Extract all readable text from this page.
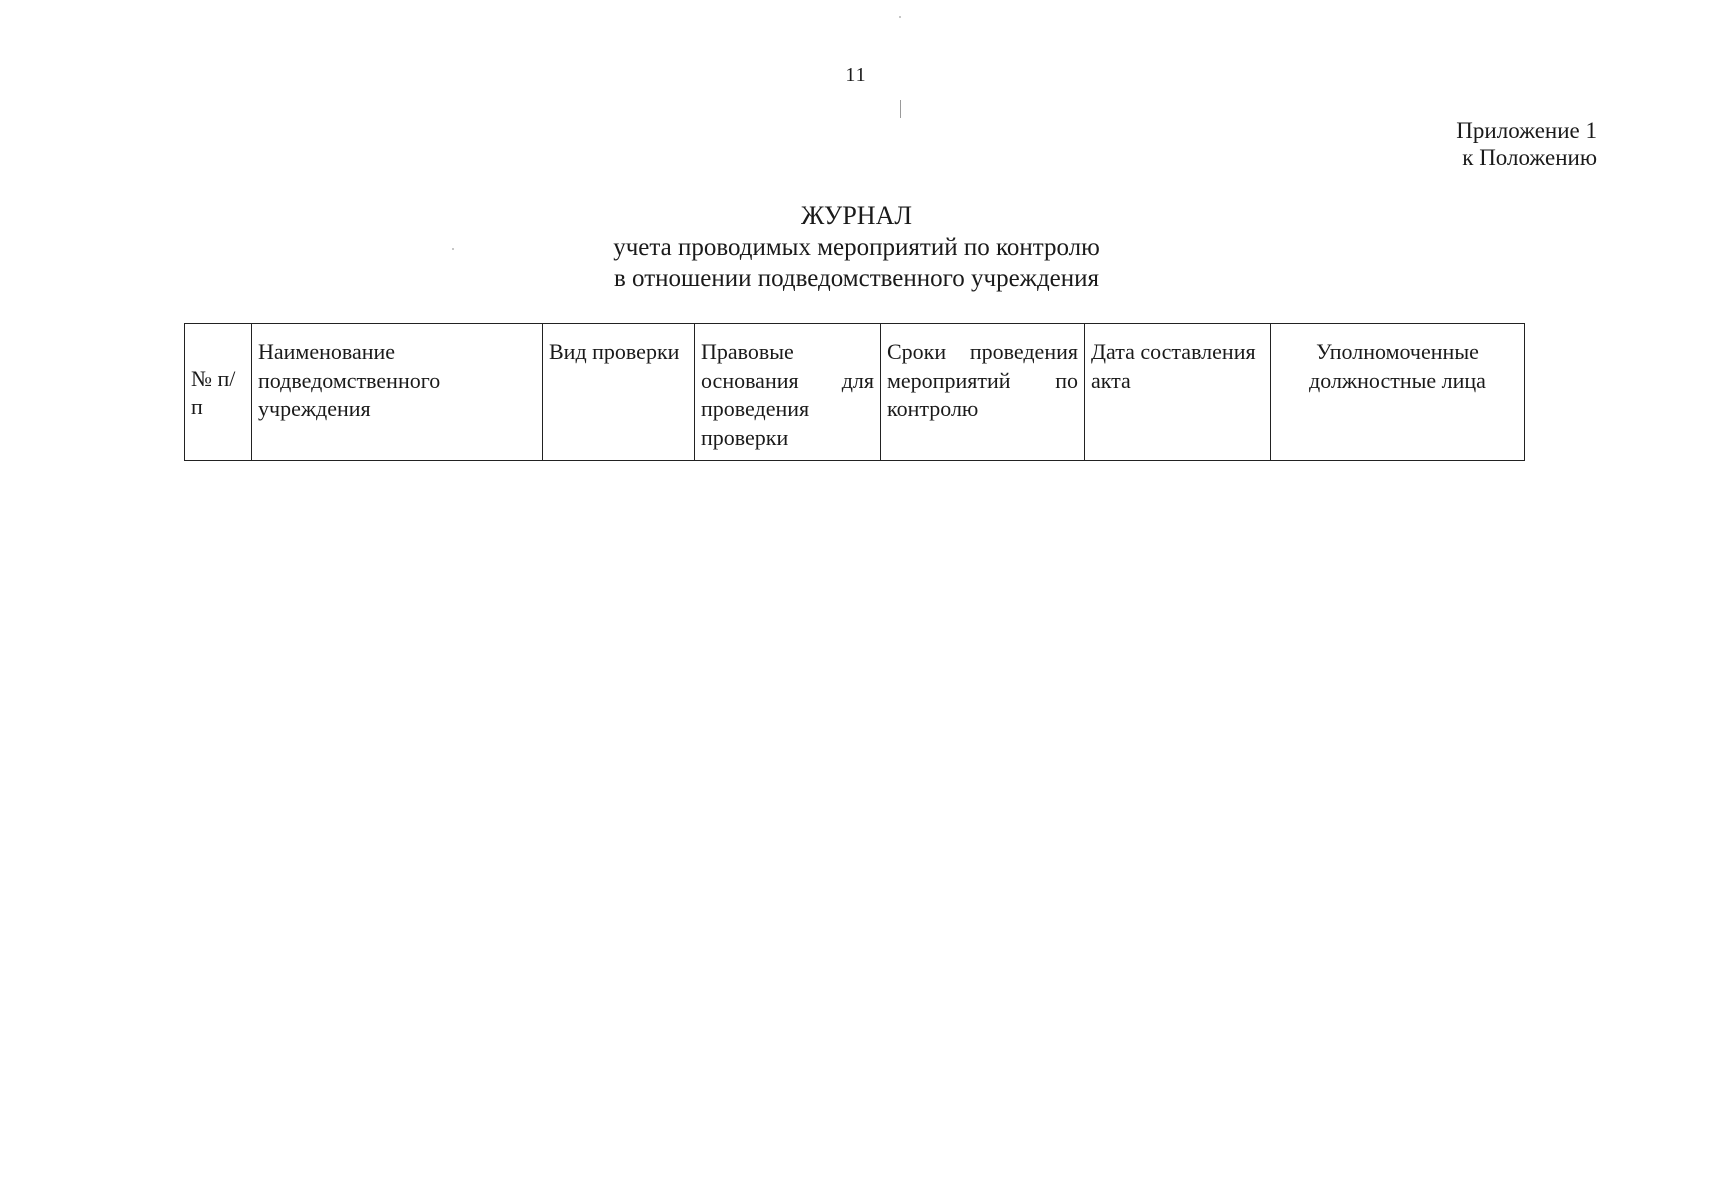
11
Приложение 1
к Положению
ЖУРНАЛ
учета проводимых мероприятий по контролю
в отношении подведомственного учреждения
№ п/п	Наименование подведомственного учреждения	Вид проверки	Правовые основания для проведения проверки	Сроки проведения мероприятий по контролю	Дата составления акта	Уполномоченные должностные лица
